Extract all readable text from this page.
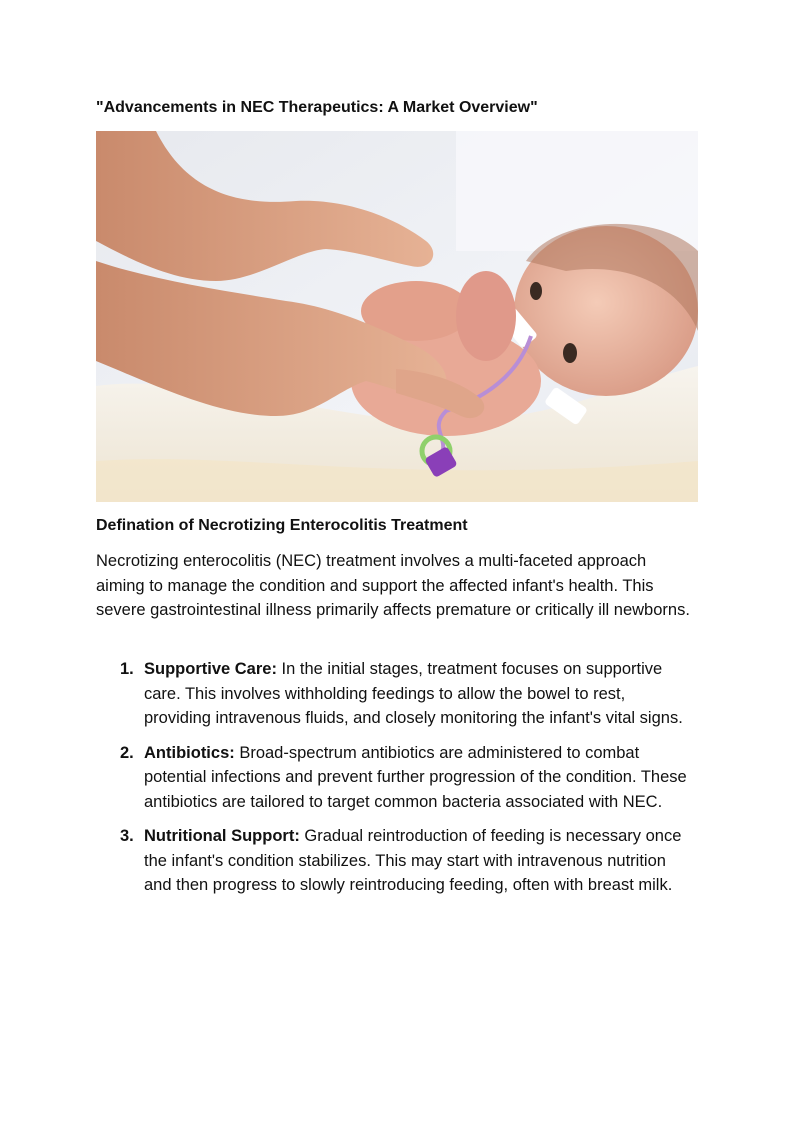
"Advancements in NEC Therapeutics: A Market Overview"
Defination of Necrotizing Enterocolitis Treatment

Necrotizing enterocolitis (NEC) treatment involves a multi-faceted approach aiming to manage the condition and support the affected infant's health. This severe gastrointestinal illness primarily affects premature or critically ill newborns.

1. Supportive Care: In the initial stages, treatment focuses on supportive care. This involves withholding feedings to allow the bowel to rest, providing intravenous fluids, and closely monitoring the infant's vital signs.
2. Antibiotics: Broad-spectrum antibiotics are administered to combat potential infections and prevent further progression of the condition. These antibiotics are tailored to target common bacteria associated with NEC.
3. Nutritional Support: Gradual reintroduction of feeding is necessary once the infant's condition stabilizes. This may start with intravenous nutrition and then progress to slowly reintroducing feeding, often with breast milk.
